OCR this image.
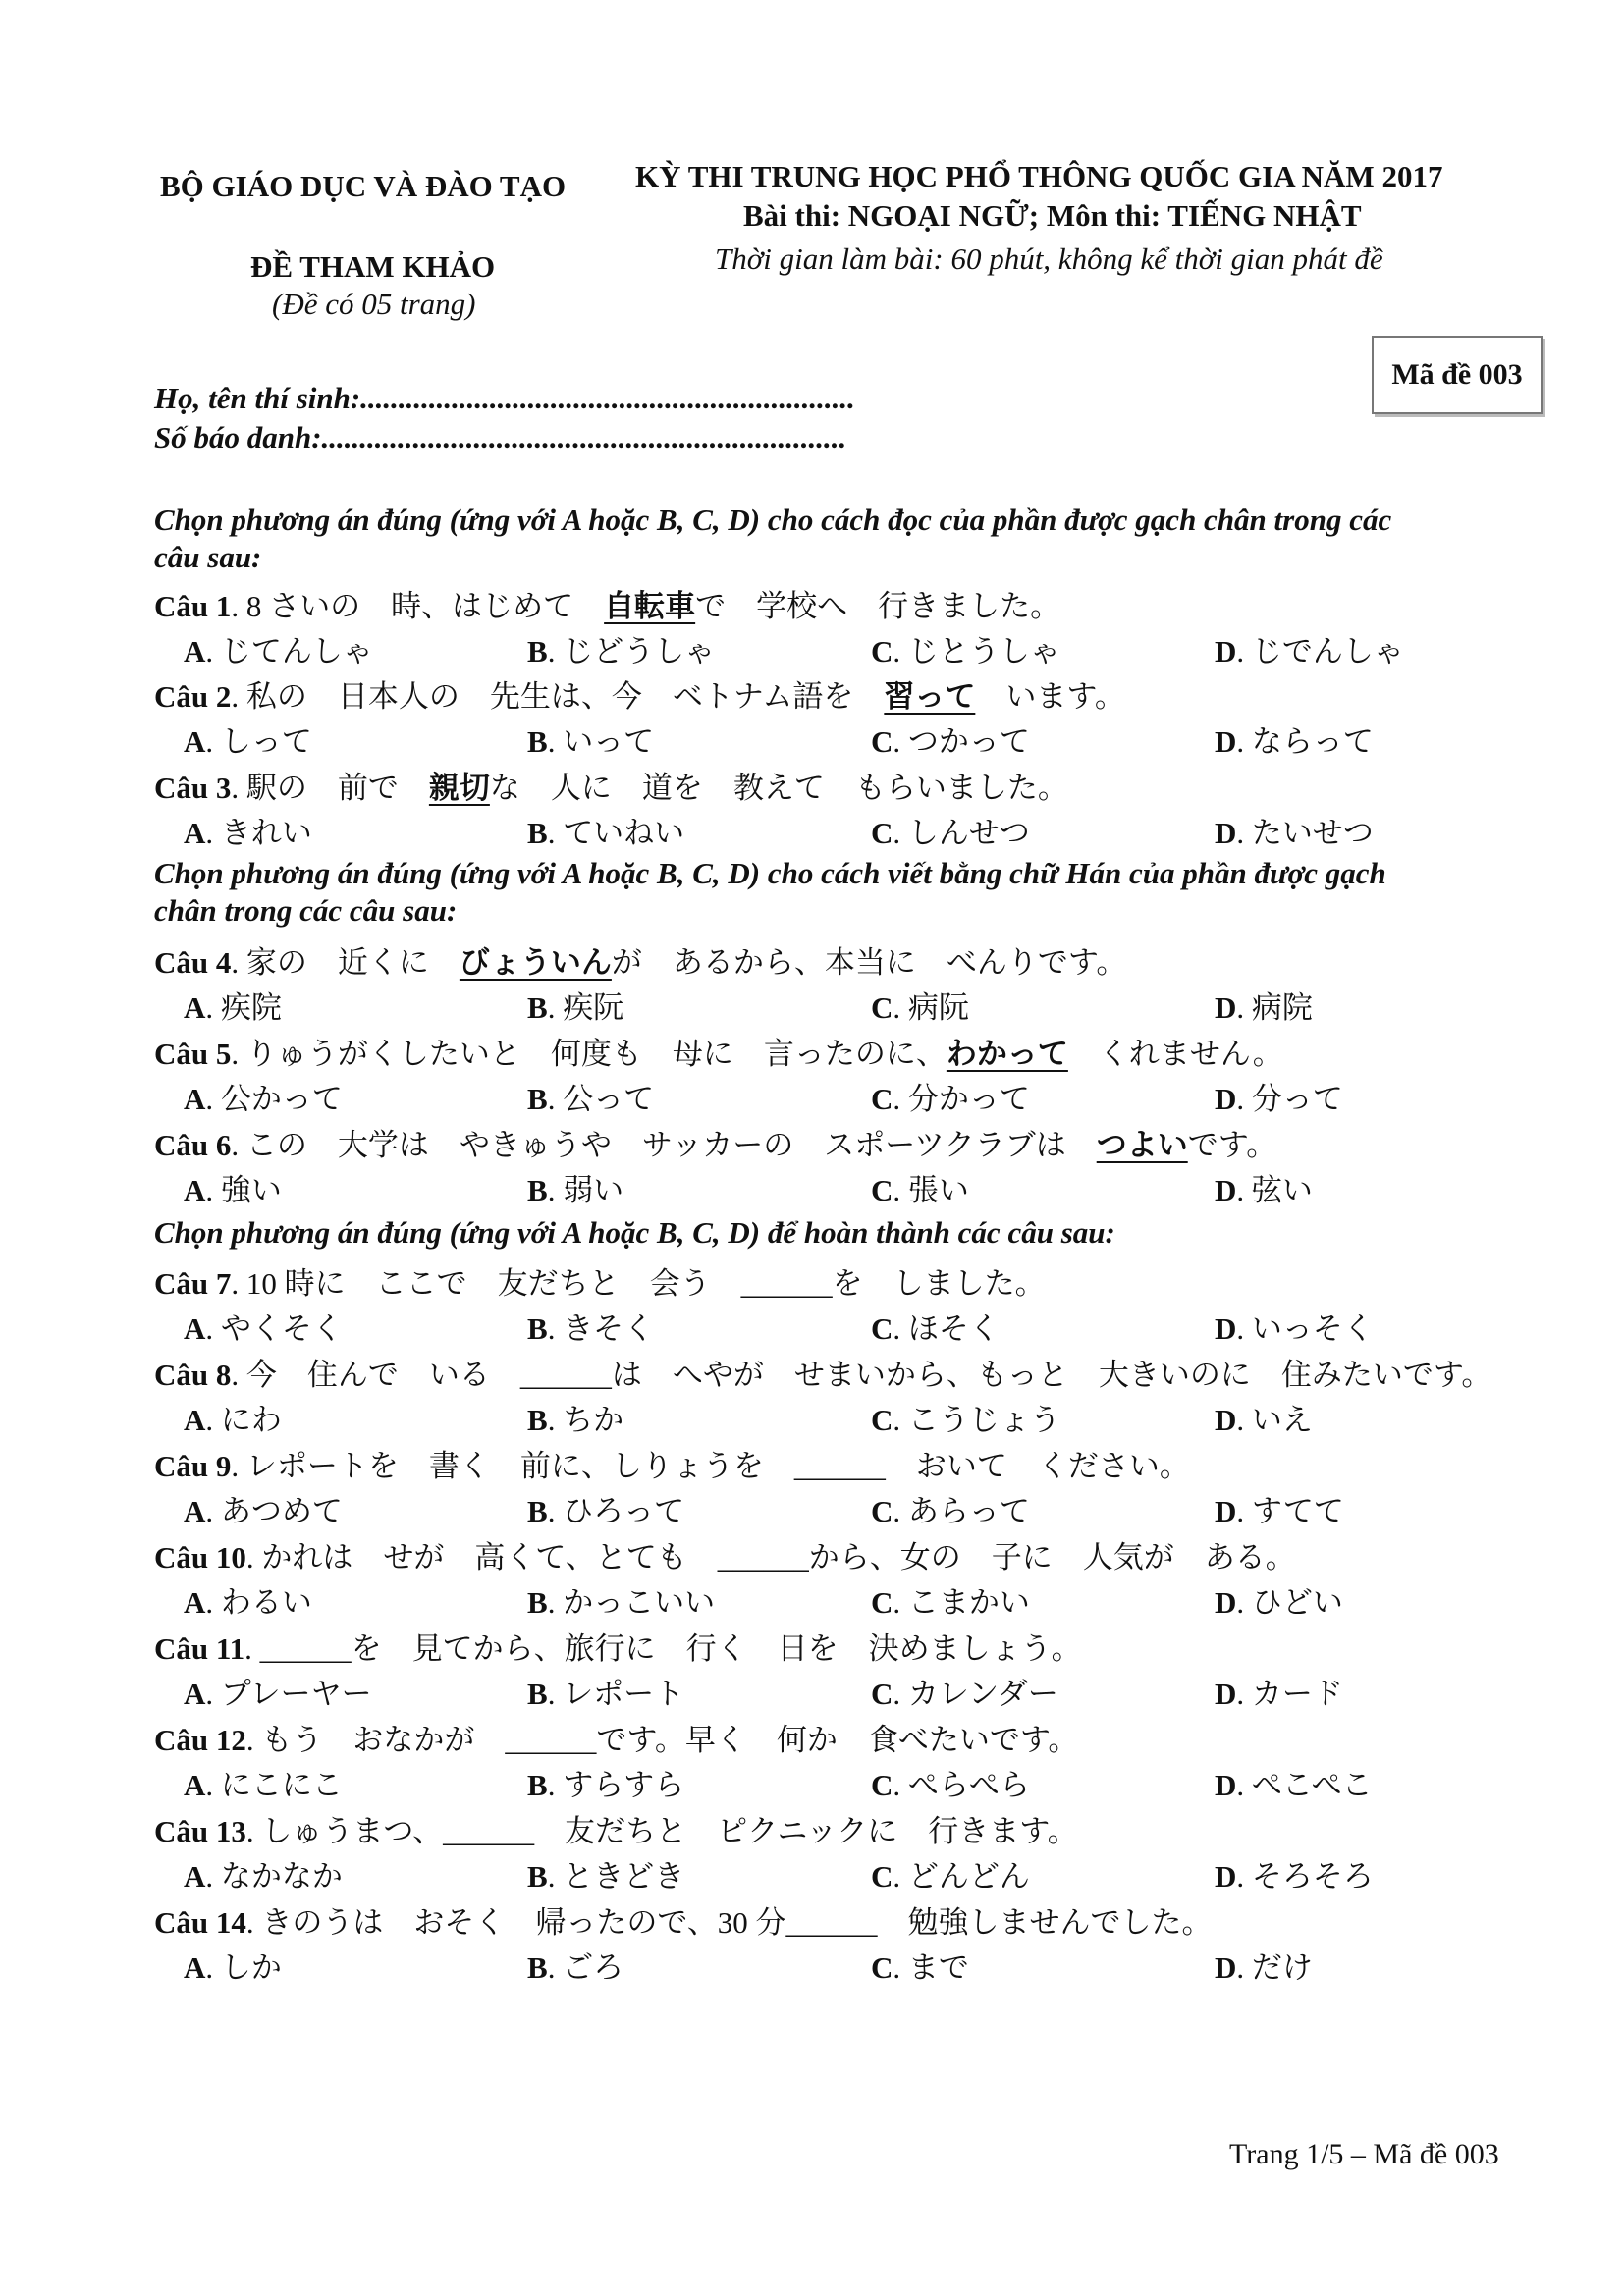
BỘ GIÁO DỤC VÀ ĐÀO TẠO KỲ THI TRUNG HỌC PHỔ THÔNG QUỐC GIA NĂM 2017
Bài thi: NGOẠI NGỮ; Môn thi: TIẾNG NHẬT
Thời gian làm bài: 60 phút, không kể thời gian phát đề
ĐỀ THAM KHẢO
(Đề có 05 trang)
Mã đề 003
Họ, tên thí sinh:.................................................................
Số báo danh:.....................................................................
Chọn phương án đúng (ứng với A hoặc B, C, D) cho cách đọc của phần được gạch chân trong các
câu sau:
Chọn phương án đúng (ứng với A hoặc B, C, D) cho cách viết bằng chữ Hán của phần được gạch
chân trong các câu sau:
Chọn phương án đúng (ứng với A hoặc B, C, D) để hoàn thành các câu sau:
Câu 1. 8 さいの　時、はじめて　自転車で　学校へ　行きました。
A. じてんしゃ	B. じどうしゃ	C. じとうしゃ	D. じでんしゃ
Câu 2. 私の　日本人の　先生は、今　ベトナム語を　習って　います。
A. しって	B. いって	C. つかって	D. ならって
Câu 3. 駅の　前で　親切な　人に　道を　教えて　もらいました。
A. きれい	B. ていねい	C. しんせつ	D. たいせつ
Câu 4. 家の　近くに　びょういんが　あるから、本当に　べんりです。
A. 疾院	B. 疾阮	C. 病阮	D. 病院
Câu 5. りゅうがくしたいと　何度も　母に　言ったのに、わかって　くれません。
A. 公かって	B. 公って	C. 分かって	D. 分って
Câu 6. この　大学は　やきゅうや　サッカーの　スポーツクラブは　つよいです。
A. 強い	B. 弱い	C. 張い	D. 弦い
Câu 7. 10 時に　ここで　友だちと　会う　______を　しました。
A. やくそく	B. きそく	C. ほそく	D. いっそく
Câu 8. 今　住んで　いる　______は　へやが　せまいから、もっと　大きいのに　住みたいです。
A. にわ	B. ちか	C. こうじょう	D. いえ
Câu 9. レポートを　書く　前に、しりょうを　______　おいて　ください。
A. あつめて	B. ひろって	C. あらって	D. すてて
Câu 10. かれは　せが　高くて、とても　______から、女の　子に　人気が　ある。
A. わるい	B. かっこいい	C. こまかい	D. ひどい
Câu 11. ______を　見てから、旅行に　行く　日を　決めましょう。
A. プレーヤー	B. レポート	C. カレンダー	D. カード
Câu 12. もう　おなかが　______です。早く　何か　食べたいです。
A. にこにこ	B. すらすら	C. ぺらぺら	D. ぺこぺこ
Câu 13. しゅうまつ、______　友だちと　ピクニックに　行きます。
A. なかなか	B. ときどき	C. どんどん	D. そろそろ
Câu 14. きのうは　おそく　帰ったので、30 分______　勉強しませんでした。
A. しか	B. ごろ	C. まで	D. だけ
Trang 1/5 – Mã đề 003
